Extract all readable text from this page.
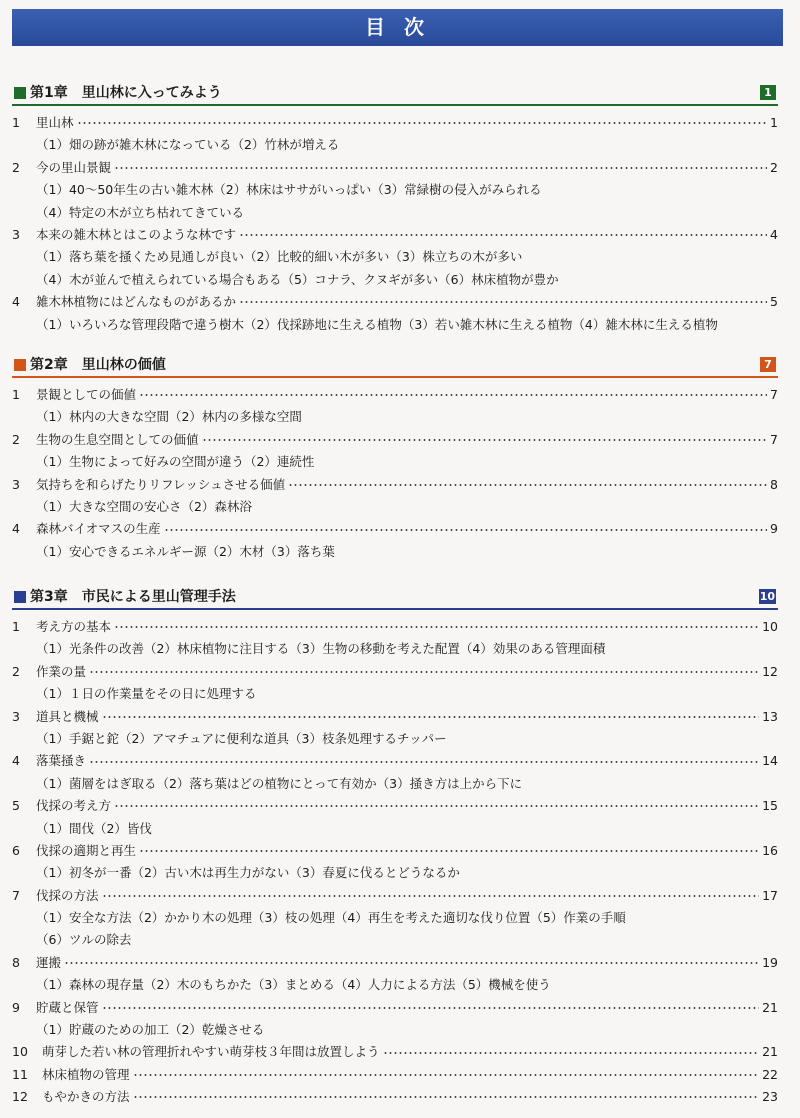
目 次
第1章　里山林に入ってみよう	1
1	里山林	1
（1）畑の跡が雑木林になっている（2）竹林が増える
2	今の里山景観	2
（1）40～50年生の古い雑木林（2）林床はササがいっぱい（3）常緑樹の侵入がみられる
（4）特定の木が立ち枯れてきている
3	本来の雑木林とはこのような林です	4
（1）落ち葉を掻くため見通しが良い（2）比較的細い木が多い（3）株立ちの木が多い
（4）木が並んで植えられている場合もある（5）コナラ、クヌギが多い（6）林床植物が豊か
4	雑木林植物にはどんなものがあるか	5
（1）いろいろな管理段階で違う樹木（2）伐採跡地に生える植物（3）若い雑木林に生える植物（4）雑木林に生える植物
第2章　里山林の価値	7
1	景観としての価値	7
（1）林内の大きな空間（2）林内の多様な空間
2	生物の生息空間としての価値	7
（1）生物によって好みの空間が違う（2）連続性
3	気持ちを和らげたりリフレッシュさせる価値	8
（1）大きな空間の安心さ（2）森林浴
4	森林バイオマスの生産	9
（1）安心できるエネルギー源（2）木材（3）落ち葉
第3章　市民による里山管理手法	10
1	考え方の基本	10
（1）光条件の改善（2）林床植物に注目する（3）生物の移動を考えた配置（4）効果のある管理面積
2	作業の量	12
（1）１日の作業量をその日に処理する
3	道具と機械	13
（1）手鋸と鉈（2）アマチュアに便利な道具（3）枝条処理するチッパー
4	落葉掻き	14
（1）菌層をはぎ取る（2）落ち葉はどの植物にとって有効か（3）掻き方は上から下に
5	伐採の考え方	15
（1）間伐（2）皆伐
6	伐採の適期と再生	16
（1）初冬が一番（2）古い木は再生力がない（3）春夏に伐るとどうなるか
7	伐採の方法	17
（1）安全な方法（2）かかり木の処理（3）枝の処理（4）再生を考えた適切な伐り位置（5）作業の手順
（6）ツルの除去
8	運搬	19
（1）森林の現存量（2）木のもちかた（3）まとめる（4）人力による方法（5）機械を使う
9	貯蔵と保管	21
（1）貯蔵のための加工（2）乾燥させる
10	萌芽した若い林の管理折れやすい萌芽枝３年間は放置しよう	21
11	林床植物の管理	22
12	もやかきの方法	23
